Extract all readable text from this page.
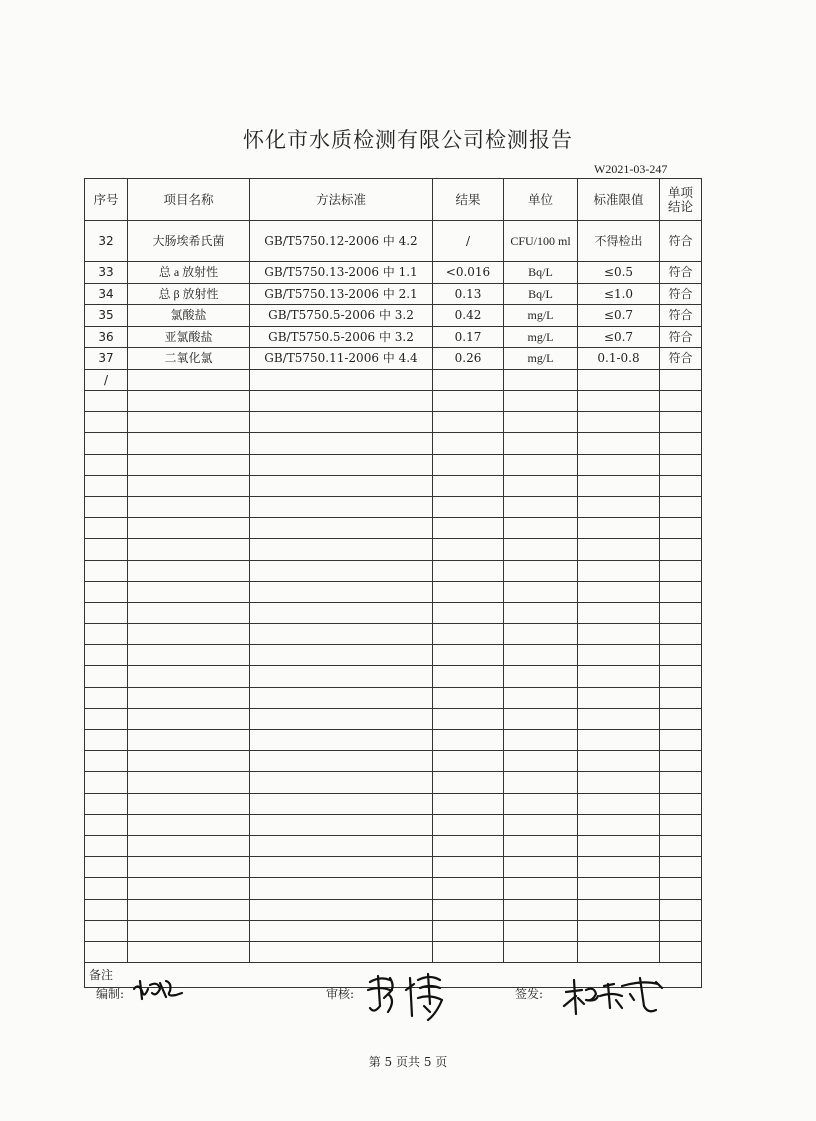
怀化市水质检测有限公司检测报告
W2021-03-247
序号	项目名称	方法标准	结果	单位	标准限值	单项结论
32	大肠埃希氏菌	GB/T5750.12-2006 中 4.2	/	CFU/100 ml	不得检出	符合
33	总 a 放射性	GB/T5750.13-2006 中 1.1	<0.016	Bq/L	≤0.5	符合
34	总 β 放射性	GB/T5750.13-2006 中 2.1	0.13	Bq/L	≤1.0	符合
35	氯酸盐	GB/T5750.5-2006 中 3.2	0.42	mg/L	≤0.7	符合
36	亚氯酸盐	GB/T5750.5-2006 中 3.2	0.17	mg/L	≤0.7	符合
37	二氧化氯	GB/T5750.11-2006 中 4.4	0.26	mg/L	0.1-0.8	符合
/						

备注						
编制:	审核:	签发:
第 5 页共 5 页
